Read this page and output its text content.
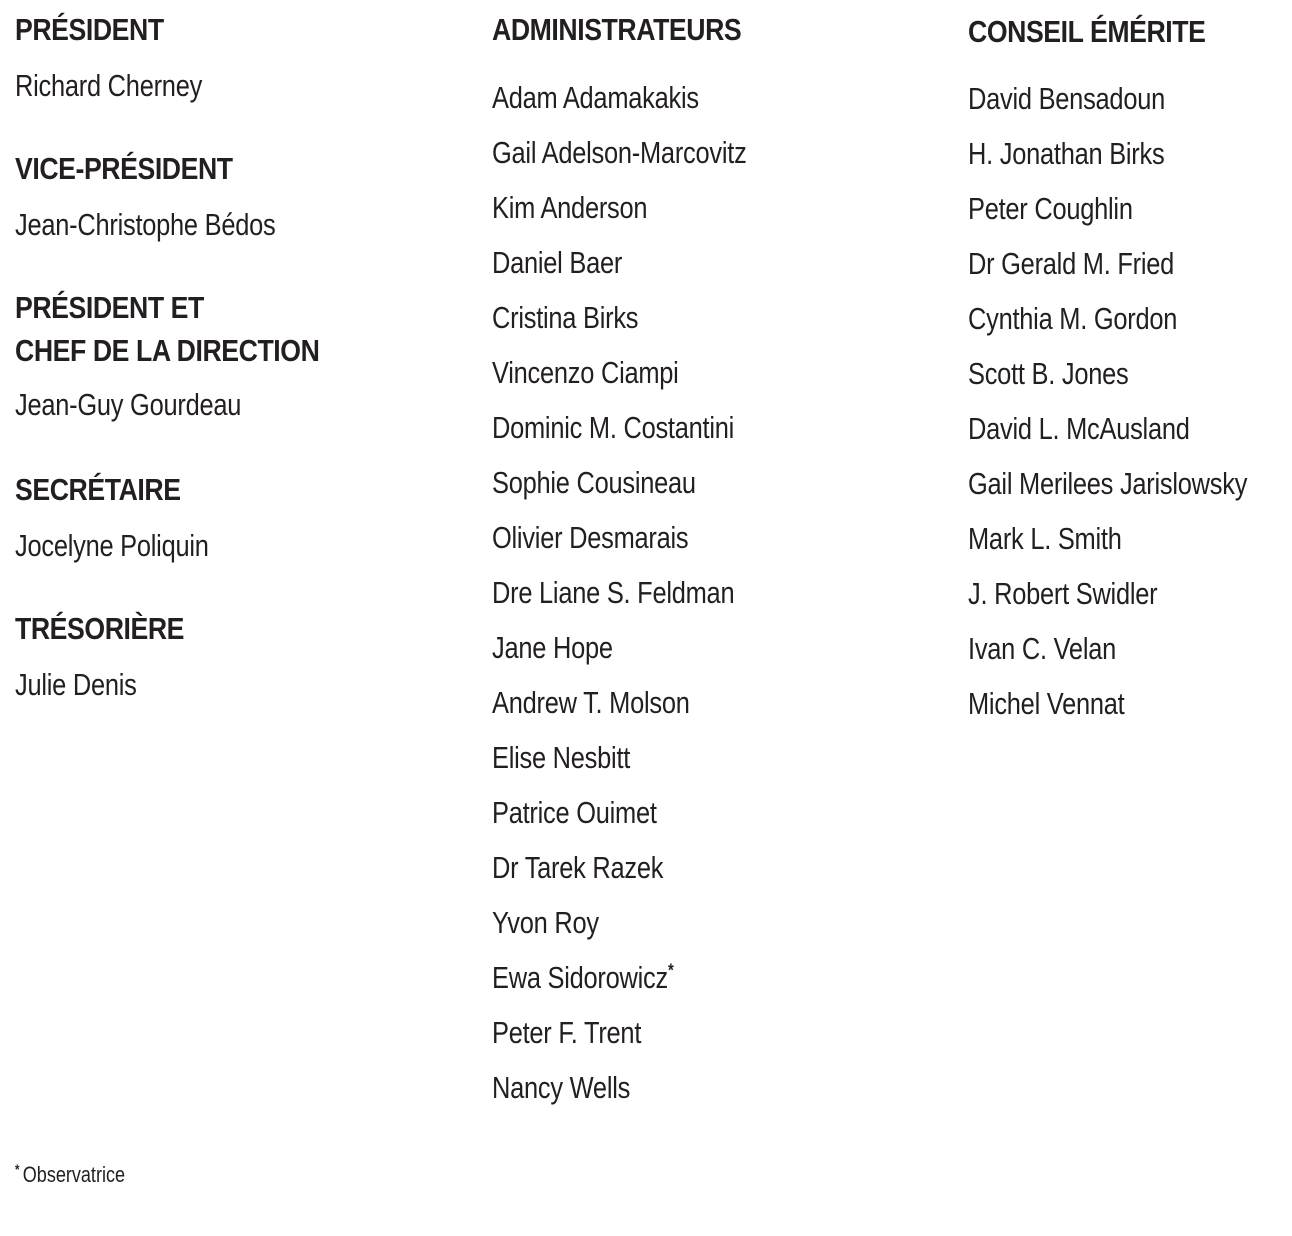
PRÉSIDENT
Richard Cherney
VICE-PRÉSIDENT
Jean-Christophe Bédos
PRÉSIDENT ET
CHEF DE LA DIRECTION
Jean-Guy Gourdeau
SECRÉTAIRE
Jocelyne Poliquin
TRÉSORIÈRE
Julie Denis
ADMINISTRATEURS
Adam Adamakakis
Gail Adelson-Marcovitz
Kim Anderson
Daniel Baer
Cristina Birks
Vincenzo Ciampi
Dominic M. Costantini
Sophie Cousineau
Olivier Desmarais
Dre Liane S. Feldman
Jane Hope
Andrew T. Molson
Elise Nesbitt
Patrice Ouimet
Dr Tarek Razek
Yvon Roy
Ewa Sidorowicz*
Peter F. Trent
Nancy Wells
CONSEIL ÉMÉRITE
David Bensadoun
H. Jonathan Birks
Peter Coughlin
Dr Gerald M. Fried
Cynthia M. Gordon
Scott B. Jones
David L. McAusland
Gail Merilees Jarislowsky
Mark L. Smith
J. Robert Swidler
Ivan C. Velan
Michel Vennat
* Observatrice
